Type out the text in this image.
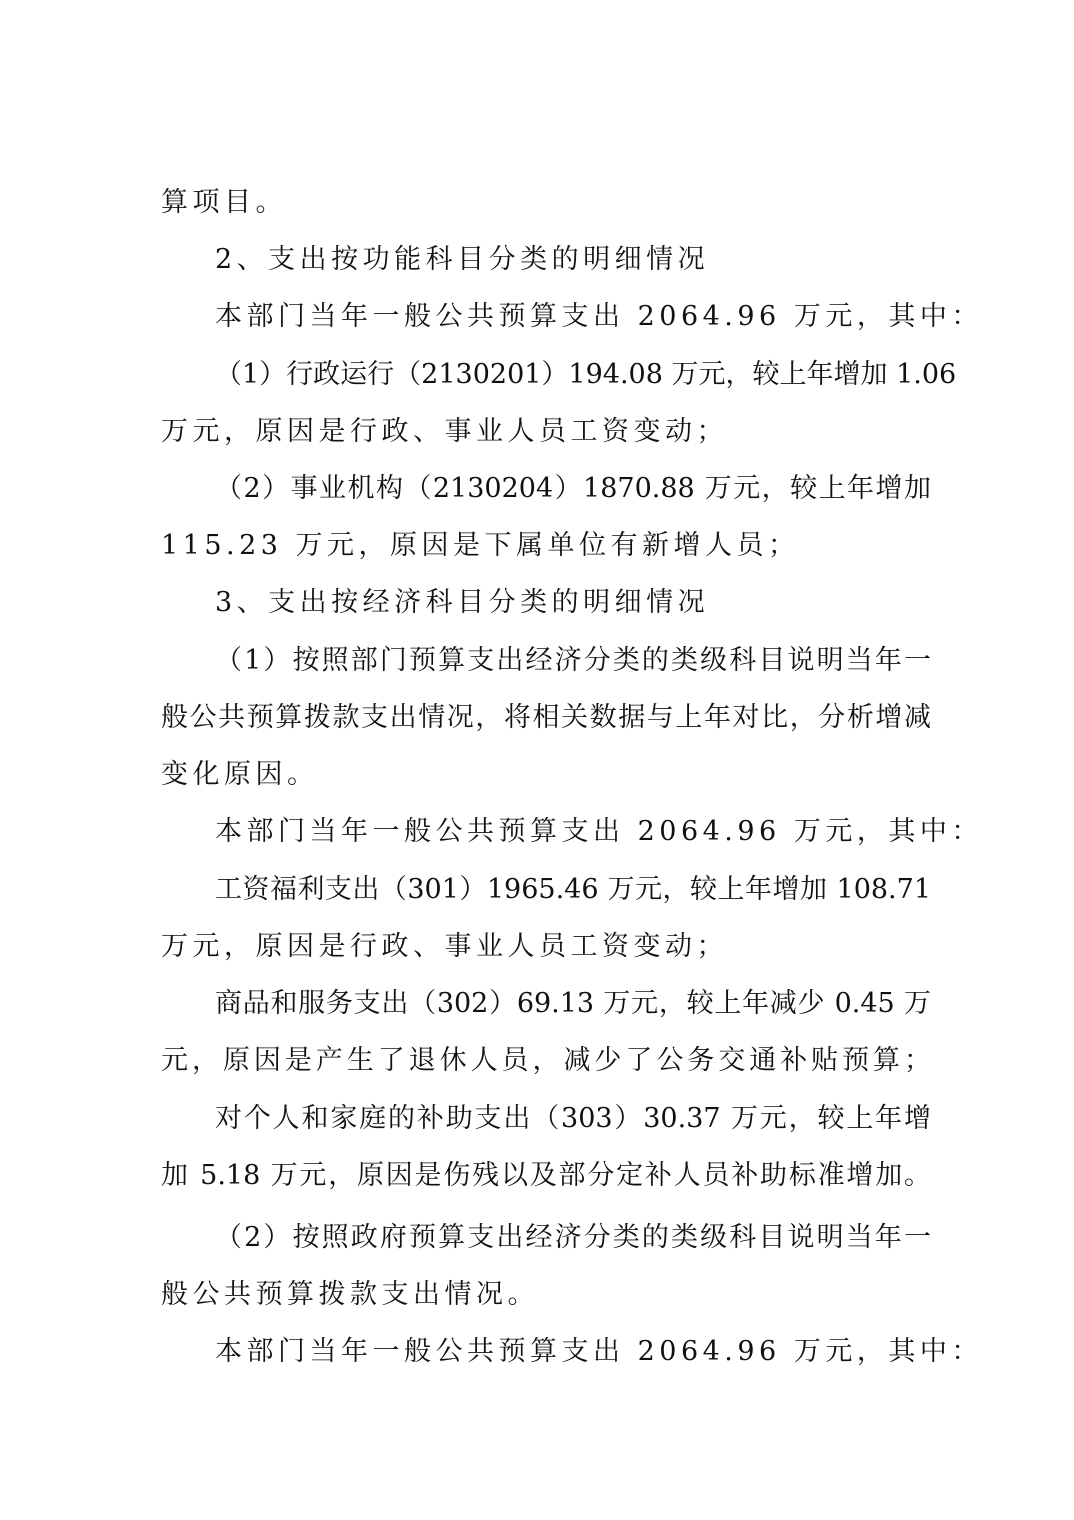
算项目。
2、支出按功能科目分类的明细情况
本部门当年一般公共预算支出 2064.96 万元，其中：
（1）行政运行（2130201）194.08 万元，较上年增加 1.06
万元，原因是行政、事业人员工资变动；
（2）事业机构（2130204）1870.88 万元，较上年增加
115.23 万元，原因是下属单位有新增人员；
3、支出按经济科目分类的明细情况
（1）按照部门预算支出经济分类的类级科目说明当年一
般公共预算拨款支出情况，将相关数据与上年对比，分析增减
变化原因。
本部门当年一般公共预算支出 2064.96 万元，其中：
工资福利支出（301）1965.46 万元，较上年增加 108.71
万元，原因是行政、事业人员工资变动；
商品和服务支出（302）69.13 万元，较上年减少 0.45 万
元，原因是产生了退休人员，减少了公务交通补贴预算；
对个人和家庭的补助支出（303）30.37 万元，较上年增
加 5.18 万元，原因是伤残以及部分定补人员补助标准增加。
（2）按照政府预算支出经济分类的类级科目说明当年一
般公共预算拨款支出情况。
本部门当年一般公共预算支出 2064.96 万元，其中：
